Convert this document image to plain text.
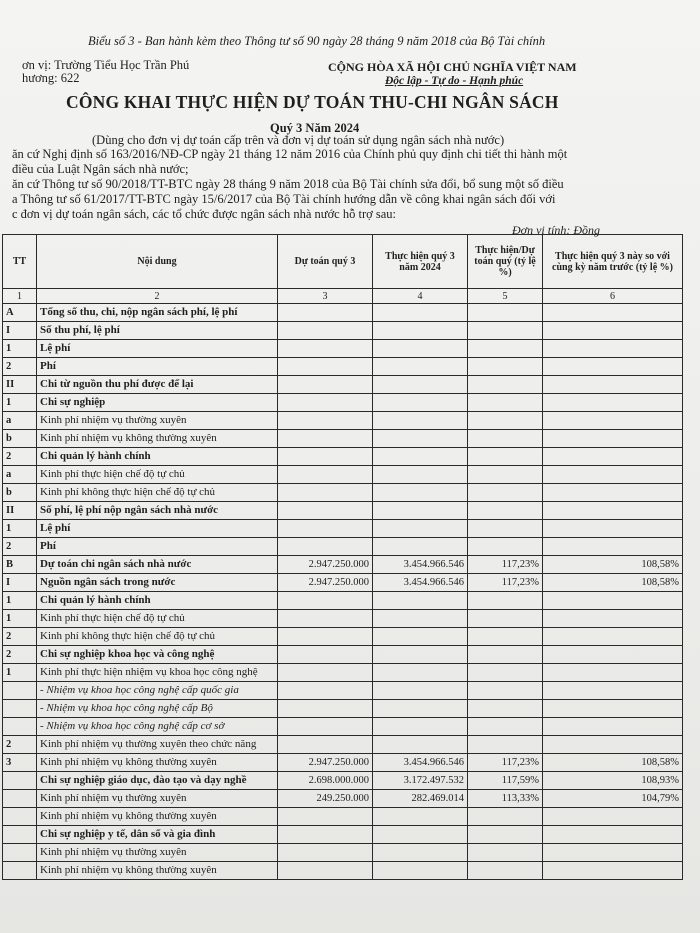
Biểu số 3 - Ban hành kèm theo Thông tư số 90 ngày 28 tháng 9 năm 2018 của Bộ Tài chính
ơn vị: Trường Tiểu Học Trần Phú
hương: 622
CỘNG HÒA XÃ HỘI CHỦ NGHĨA VIỆT NAM
Độc lập - Tự do - Hạnh phúc
CÔNG KHAI THỰC HIỆN DỰ TOÁN THU-CHI NGÂN SÁCH
Quý 3 Năm 2024
(Dùng cho đơn vị dự toán cấp trên và đơn vị dự toán sử dụng ngân sách nhà nước)
ăn cứ Nghị định số 163/2016/NĐ-CP ngày 21 tháng 12 năm 2016 của Chính phủ quy định chi tiết thi hành một
điều của Luật Ngân sách nhà nước;
ăn cứ Thông tư số 90/2018/TT-BTC ngày 28 tháng 9 năm 2018 của Bộ Tài chính sửa đổi, bổ sung một số điều
a Thông tư số 61/2017/TT-BTC ngày 15/6/2017 của Bộ Tài chính hướng dẫn về công khai ngân sách đối với
c đơn vị dự toán ngân sách, các tổ chức được ngân sách nhà nước hỗ trợ sau:
Đơn vị tính: Đồng
TT	Nội dung	Dự toán quý 3	Thực hiện quý 3 năm 2024	Thực hiện/Dự toán quý (tỷ lệ %)	Thực hiện quý 3 này so với cùng kỳ năm trước (tỷ lệ %)
1	2	3	4	5	6
A	Tổng số thu, chi, nộp ngân sách phí, lệ phí				
I	Số thu phí, lệ phí				
1	Lệ phí				
2	Phí				
II	Chi từ nguồn thu phí được để lại				
1	Chi sự nghiệp				
a	Kinh phí nhiệm vụ thường xuyên				
b	Kinh phí nhiệm vụ không thường xuyên				
2	Chi quản lý hành chính				
a	Kinh phí thực hiện chế độ tự chủ				
b	Kinh phí không thực hiện chế độ tự chủ				
II	Số phí, lệ phí nộp ngân sách nhà nước				
1	Lệ phí				
2	Phí				
B	Dự toán chi ngân sách nhà nước	2.947.250.000	3.454.966.546	117,23%	108,58%
I	Nguồn ngân sách trong nước	2.947.250.000	3.454.966.546	117,23%	108,58%
1	Chi quản lý hành chính				
1	Kinh phí thực hiện chế độ tự chủ				
2	Kinh phí không thực hiện chế độ tự chủ				
2	Chi sự nghiệp khoa học và công nghệ				
1	Kinh phí thực hiện nhiệm vụ khoa học công nghệ				
	- Nhiệm vụ khoa học công nghệ cấp quốc gia				
	- Nhiệm vụ khoa học công nghệ cấp Bộ				
	- Nhiệm vụ khoa học công nghệ cấp cơ sở				
2	Kinh phí nhiệm vụ thường xuyên theo chức năng				
3	Kinh phí nhiệm vụ không thường xuyên	2.947.250.000	3.454.966.546	117,23%	108,58%
	Chi sự nghiệp giáo dục, đào tạo và dạy nghề	2.698.000.000	3.172.497.532	117,59%	108,93%
	Kinh phí nhiệm vụ thường xuyên	249.250.000	282.469.014	113,33%	104,79%
	Kinh phí nhiệm vụ không thường xuyên				
	Chi sự nghiệp y tế, dân số và gia đình				
	Kinh phí nhiệm vụ thường xuyên				
	Kinh phí nhiệm vụ không thường xuyên				
